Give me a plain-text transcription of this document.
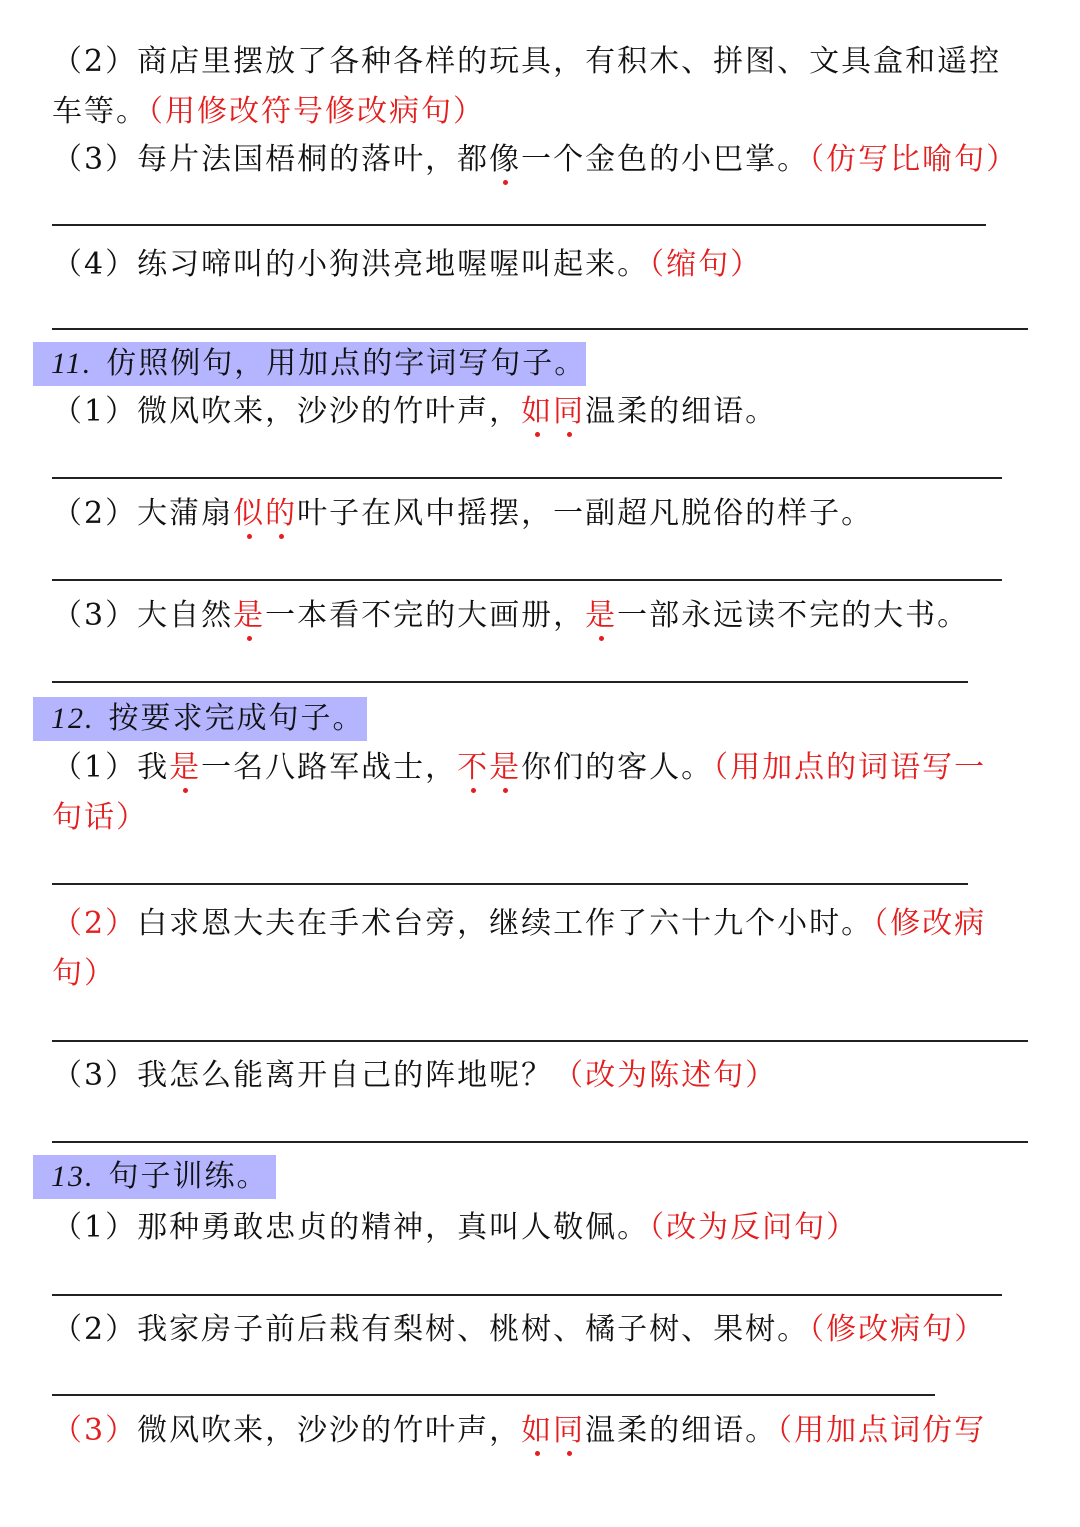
（2）商店里摆放了各种各样的玩具，有积木、拼图、文具盒和遥控
车等。（用修改符号修改病句）
（3）每片法国梧桐的落叶，都像一个金色的小巴掌。（仿写比喻句）
（4）练习啼叫的小狗洪亮地喔喔叫起来。（缩句）
11. 仿照例句，用加点的字词写句子。
（1）微风吹来，沙沙的竹叶声，如同温柔的细语。
（2）大蒲扇似的叶子在风中摇摆，一副超凡脱俗的样子。
（3）大自然是一本看不完的大画册，是一部永远读不完的大书。
12. 按要求完成句子。
（1）我是一名八路军战士，不是你们的客人。（用加点的词语写一
句话）
（2）白求恩大夫在手术台旁，继续工作了六十九个小时。（修改病
句）
（3）我怎么能离开自己的阵地呢？（改为陈述句）
13. 句子训练。
（1）那种勇敢忠贞的精神，真叫人敬佩。（改为反问句）
（2）我家房子前后栽有梨树、桃树、橘子树、果树。（修改病句）
（3）微风吹来，沙沙的竹叶声，如同温柔的细语。（用加点词仿写
